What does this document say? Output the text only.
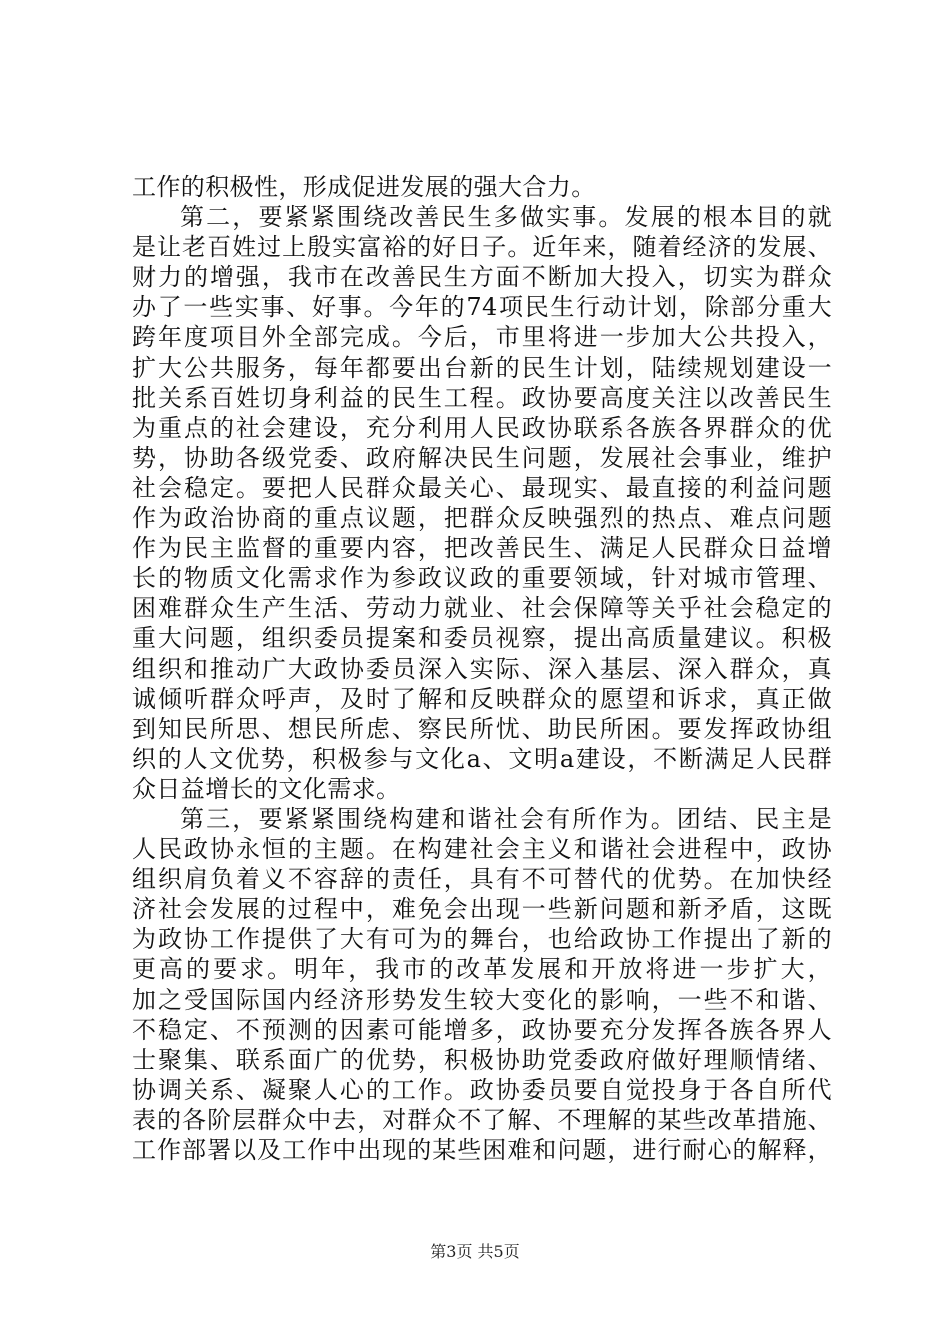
工作的积极性，形成促进发展的强大合力。
第二，要紧紧围绕改善民生多做实事。发展的根本目的就
是让老百姓过上殷实富裕的好日子。近年来，随着经济的发展、
财力的增强，我市在改善民生方面不断加大投入，切实为群众
办了一些实事、好事。今年的74项民生行动计划，除部分重大
跨年度项目外全部完成。今后，市里将进一步加大公共投入，
扩大公共服务，每年都要出台新的民生计划，陆续规划建设一
批关系百姓切身利益的民生工程。政协要高度关注以改善民生
为重点的社会建设，充分利用人民政协联系各族各界群众的优
势，协助各级党委、政府解决民生问题，发展社会事业，维护
社会稳定。要把人民群众最关心、最现实、最直接的利益问题
作为政治协商的重点议题，把群众反映强烈的热点、难点问题
作为民主监督的重要内容，把改善民生、满足人民群众日益增
长的物质文化需求作为参政议政的重要领域，针对城市管理、
困难群众生产生活、劳动力就业、社会保障等关乎社会稳定的
重大问题，组织委员提案和委员视察，提出高质量建议。积极
组织和推动广大政协委员深入实际、深入基层、深入群众，真
诚倾听群众呼声，及时了解和反映群众的愿望和诉求，真正做
到知民所思、想民所虑、察民所忧、助民所困。要发挥政协组
织的人文优势，积极参与文化a、文明a建设，不断满足人民群
众日益增长的文化需求。
第三，要紧紧围绕构建和谐社会有所作为。团结、民主是
人民政协永恒的主题。在构建社会主义和谐社会进程中，政协
组织肩负着义不容辞的责任，具有不可替代的优势。在加快经
济社会发展的过程中，难免会出现一些新问题和新矛盾，这既
为政协工作提供了大有可为的舞台，也给政协工作提出了新的
更高的要求。明年，我市的改革发展和开放将进一步扩大，
加之受国际国内经济形势发生较大变化的影响，一些不和谐、
不稳定、不预测的因素可能增多，政协要充分发挥各族各界人
士聚集、联系面广的优势，积极协助党委政府做好理顺情绪、
协调关系、凝聚人心的工作。政协委员要自觉投身于各自所代
表的各阶层群众中去，对群众不了解、不理解的某些改革措施、
工作部署以及工作中出现的某些困难和问题，进行耐心的解释，
第3页 共5页
